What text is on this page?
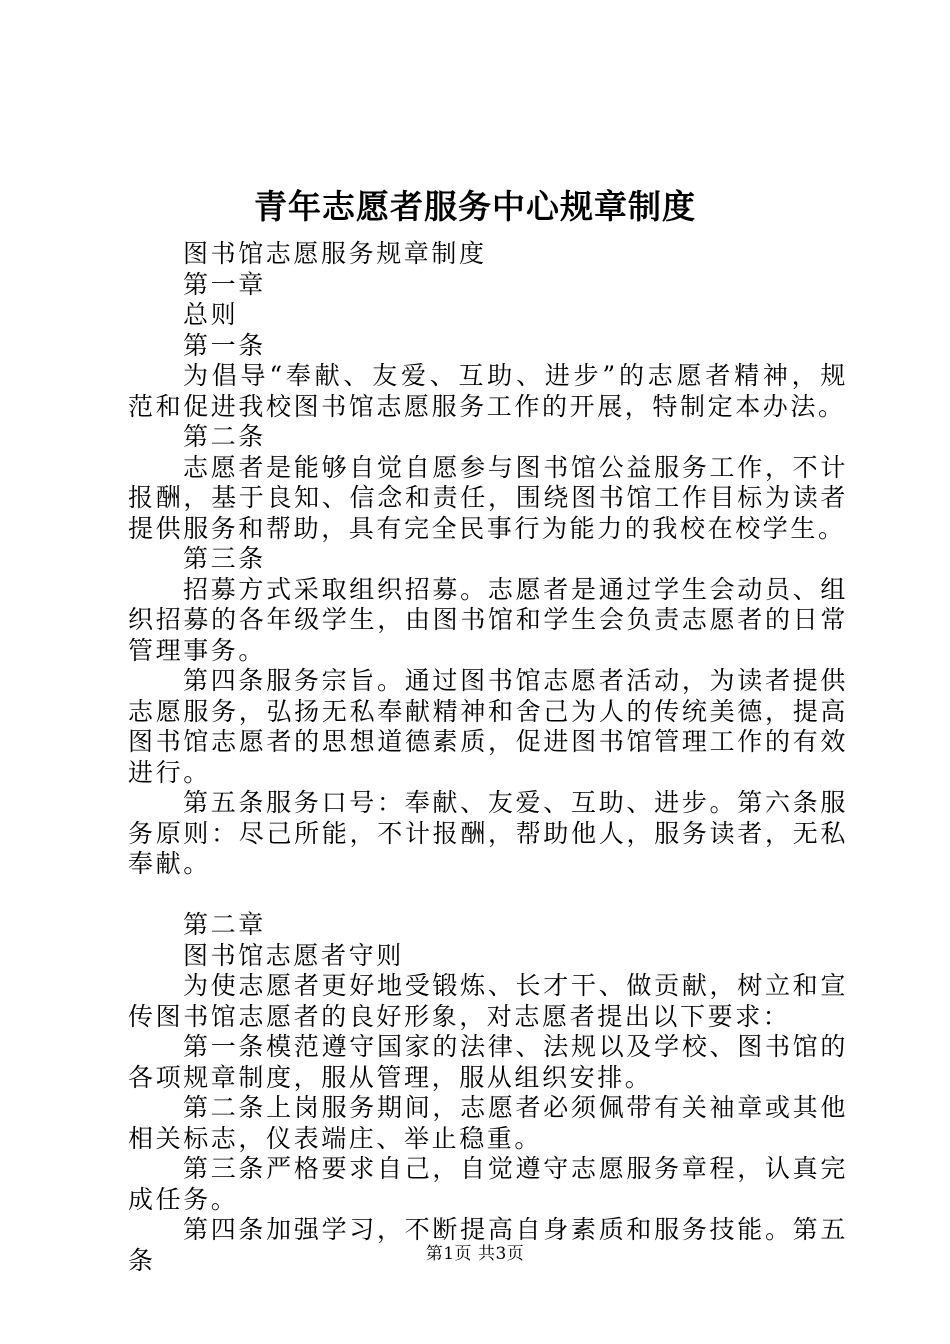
青年志愿者服务中心规章制度

图书馆志愿服务规章制度

第一章

总则

第一条

为倡导“奉献、友爱、互助、进步”的志愿者精神，规范和促进我校图书馆志愿服务工作的开展，特制定本办法。

第二条

志愿者是能够自觉自愿参与图书馆公益服务工作，不计报酬，基于良知、信念和责任，围绕图书馆工作目标为读者提供服务和帮助，具有完全民事行为能力的我校在校学生。

第三条

招募方式采取组织招募。志愿者是通过学生会动员、组织招募的各年级学生，由图书馆和学生会负责志愿者的日常管理事务。

第四条服务宗旨。通过图书馆志愿者活动，为读者提供志愿服务，弘扬无私奉献精神和舍己为人的传统美德，提高图书馆志愿者的思想道德素质，促进图书馆管理工作的有效进行。

第五条服务口号：奉献、友爱、互助、进步。第六条服务原则：尽己所能，不计报酬，帮助他人，服务读者，无私奉献。

第二章

图书馆志愿者守则

为使志愿者更好地受锻炼、长才干、做贡献，树立和宣传图书馆志愿者的良好形象，对志愿者提出以下要求：

第一条模范遵守国家的法律、法规以及学校、图书馆的各项规章制度，服从管理，服从组织安排。

第二条上岗服务期间，志愿者必须佩带有关袖章或其他相关标志，仪表端庄、举止稳重。

第三条严格要求自己，自觉遵守志愿服务章程，认真完成任务。

第四条加强学习，不断提高自身素质和服务技能。第五条	第1页 共3页
